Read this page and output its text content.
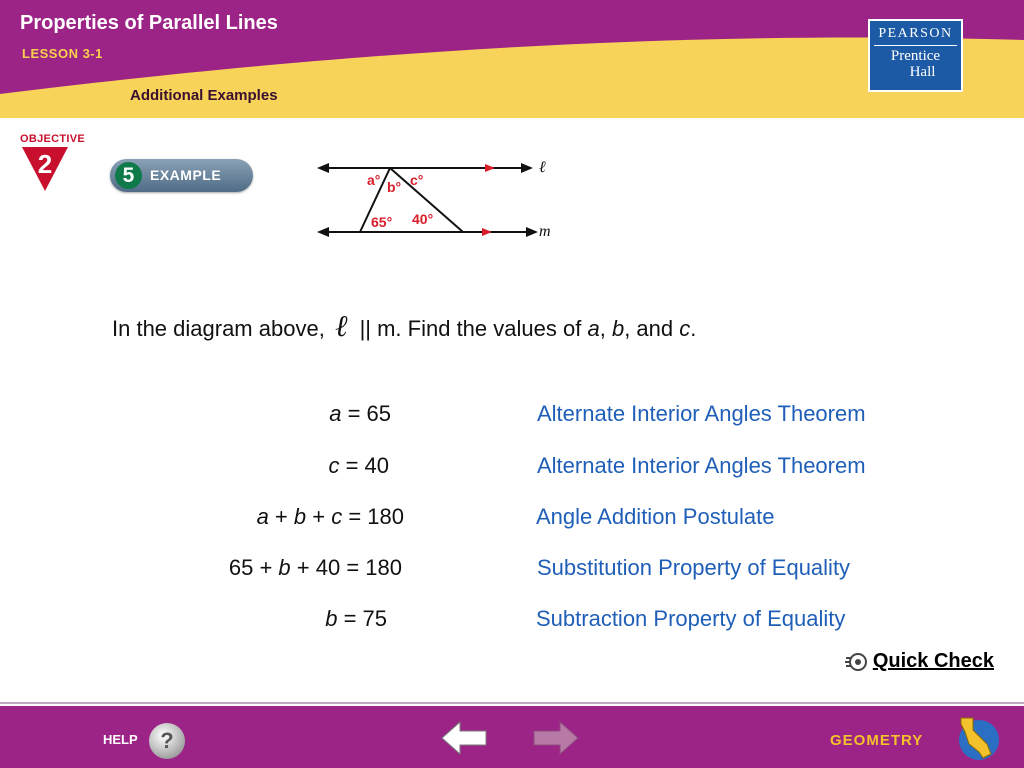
Properties of Parallel Lines
LESSON 3-1
Additional Examples
PEARSON
Prentice
Hall
OBJECTIVE
2	5	EXAMPLE	a° b° c°
65° 40°
ℓ
m
In the diagram above, ℓ || m. Find the values of a, b, and c.
a = 65	Alternate Interior Angles Theorem
c = 40	Alternate Interior Angles Theorem
a + b + c = 180	Angle Addition Postulate
65 + b + 40 = 180	Substitution Property of Equality
b = 75	Subtraction Property of Equality
Quick Check
HELP	?	GEOMETRY
